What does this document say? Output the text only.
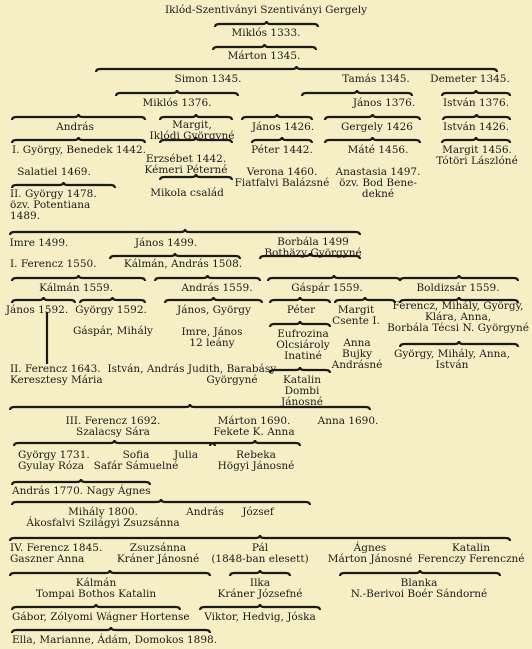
Iklód-Szentiványi Szentiványi Gergely
Miklós 1333.
Márton 1345.
Simon 1345.	Tamás 1345. Demeter 1345.
Miklós 1376.	János 1376.	István 1376.
András	Margit,
Iklódi Györgyné
János 1426.	Gergely 1426	István 1426.
I. György, Benedek 1442.
Erzsébet 1442.
Kémeri Péterné
Péter 1442.	Máté 1456.	Margit 1456.
Tótöri Lászlóné
Salatiel 1469.
Mikola család
Verona 1460.
Fiatfalvi Balázsné
Anastasia 1497.
özv. Bod Bene-
dekné
II. György 1478.
özv. Potentiana
1489.
Imre 1499.	János 1499.	Borbála 1499
Bothäzy Györgyné
I. Ferencz 1550.	Kálmán, András 1508.
Kálmán 1559.	András 1559.	Gáspár 1559.	Boldizsár 1559.
János 1592. György 1592.
Gáspár, Mihály
János, György
Imre, János
12 leány
Péter	Margit
Csente I.
Eufrozina
Olcsiároly
Inatiné
Anna
Bujky
Andrásné
Katalin
Dombi
Jánosné
Ferencz, Mihály, György,
Klára, Anna,
Borbála Técsi N. Györgyné
György, Mihály, Anna,
István
II. Ferencz 1643.
Keresztesy Mária
István, András Judith, Barabásy
Györgyné
III. Ferencz 1692.
Szalacsy Sára
Márton 1690.
Fekete K. Anna
Anna 1690.
György 1731.
Gyulay Róza
Sofia
Safár Sámuelné
Julia	Rebeka
Högyi Jánosné
András 1770. Nagy Ágnes
Mihály 1800.
Ákosfalvi Szilágyi Zsuzsánna
András József
IV. Ferencz 1845.
Gaszner Anna
Zsuzsánna
Kráner Jánosné
Pál
(1848-ban elesett)
Ágnes
Márton Jánosné
Katalin
Ferenczy Ferenczné
Kálmán
Tompai Bothos Katalin
Ilka
Kráner Józsefné
Blanka
N.-Berivoi Boér Sándorné
Gábor, Zólyomi Wágner Hortense Viktor, Hedvig, Jóska
Ella, Marianne, Ádám, Domokos 1898.
